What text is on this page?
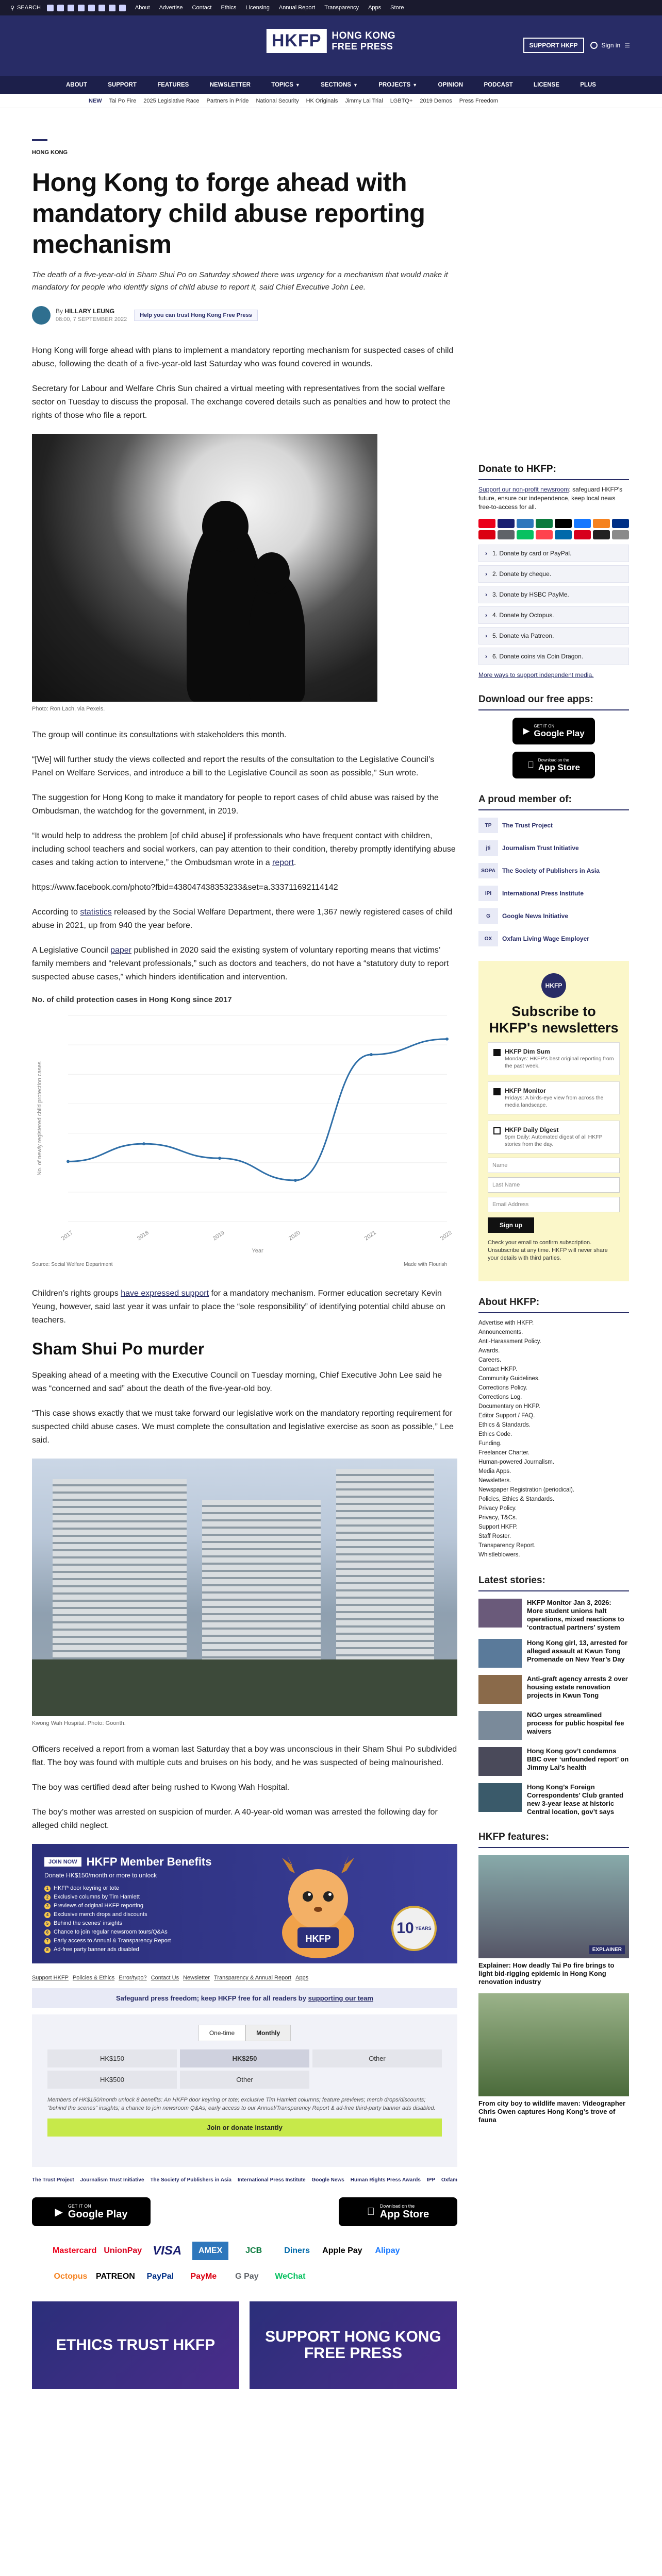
⚲ SEARCH	About Advertise Contact Ethics Licensing Annual Report Transparency Apps Store
HKFP	HONG KONG
FREE PRESS	SUPPORT HKFP	Sign in ☰
ABOUT	SUPPORT	FEATURES	NEWSLETTER	TOPICS ▼	SECTIONS ▼	PROJECTS ▼	OPINION	PODCAST	LICENSE	PLUS
NEW Tai Po Fire 2025 Legislative Race Partners in Pride National Security HK Originals Jimmy Lai Trial LGBTQ+ 2019 Demos Press Freedom
HONG KONG
Hong Kong to forge ahead with mandatory child abuse reporting mechanism
The death of a five-year-old in Sham Shui Po on Saturday showed there was urgency for a mechanism that would make it mandatory for people who identify signs of child abuse to report it, said Chief Executive John Lee.
By HILLARY LEUNG
08:00, 7 SEPTEMBER 2022
Help you can trust Hong Kong Free Press

Hong Kong will forge ahead with plans to implement a mandatory reporting mechanism for suspected cases of child abuse, following the death of a five-year-old last Saturday who was found covered in wounds.

Secretary for Labour and Welfare Chris Sun chaired a virtual meeting with representatives from the social welfare sector on Tuesday to discuss the proposal. The exchange covered details such as penalties and how to protect the rights of those who file a report.

Photo: Ron Lach, via Pexels.

The group will continue its consultations with stakeholders this month.

“[We] will further study the views collected and report the results of the consultation to the Legislative Council’s Panel on Welfare Services, and introduce a bill to the Legislative Council as soon as possible,” Sun wrote.

The suggestion for Hong Kong to make it mandatory for people to report cases of child abuse was raised by the Ombudsman, the watchdog for the government, in 2019.

“It would help to address the problem [of child abuse] if professionals who have frequent contact with children, including school teachers and social workers, can pay attention to their condition, thereby promptly identifying abuse cases and taking action to intervene,” the Ombudsman wrote in a report.

https://www.facebook.com/photo?fbid=438047438353233&set=a.333711692114142

According to statistics released by the Social Welfare Department, there were 1,367 newly registered cases of child abuse in 2021, up from 940 the year before.

A Legislative Council paper published in 2020 said the existing system of voluntary reporting means that victims’ family members and “relevant professionals,” such as doctors and teachers, do not have a “statutory duty to report suspected abuse cases,” which hinders identification and intervention.

No. of child protection cases in Hong Kong since 2017
No. of newly registered child protection cases
2017	2018	2019	2020	2021	2022
Year
Source: Social Welfare Department	Made with Flourish

Children’s rights groups have expressed support for a mandatory mechanism. Former education secretary Kevin Yeung, however, said last year it was unfair to place the “sole responsibility” of identifying potential child abuse on teachers.

Sham Shui Po murder

Speaking ahead of a meeting with the Executive Council on Tuesday morning, Chief Executive John Lee said he was “concerned and sad” about the death of the five-year-old boy.

“This case shows exactly that we must take forward our legislative work on the mandatory reporting requirement for suspected child abuse cases. We must complete the consultation and legislative exercise as soon as possible,” Lee said.

Kwong Wah Hospital. Photo: Goonth.

Officers received a report from a woman last Saturday that a boy was unconscious in their Sham Shui Po subdivided flat. The boy was found with multiple cuts and bruises on his body, and he was suspected of being malnourished.

The boy was certified dead after being rushed to Kwong Wah Hospital.

The boy’s mother was arrested on suspicion of murder. A 40-year-old woman was arrested the following day for alleged child neglect.

JOIN NOW HKFP Member Benefits
Donate HK$150/month or more to unlock
1 HKFP door keyring or tote
2 Exclusive columns by Tim Hamlett
3 Previews of original HKFP reporting
4 Exclusive merch drops and discounts
5 Behind the scenes' insights
6 Chance to join regular newsroom tours/Q&As
7 Early access to Annual & Transparency Report
8 Ad-free party banner ads disabled
HKFP
10 YEARS
Support HKFP Policies & Ethics Error/typo? Contact Us Newsletter Transparency & Annual Report Apps
Safeguard press freedom; keep HKFP free for all readers by supporting our team
One-time	Monthly
HK$150	HK$250	Other
HK$500	Other
Members of HK$150/month unlock 8 benefits: An HKFP door keyring or tote; exclusive Tim Hamlett columns; feature previews; merch drops/discounts; “behind the scenes” insights; a chance to join newsroom Q&As; early access to our Annual/Transparency Report & ad-free third-party banner ads disabled.
Join or donate instantly
The Trust Project Journalism Trust Initiative The Society of Publishers in Asia International Press Institute Google News Human Rights Press Awards IPP Oxfam
▶
GET IT ON
Google Play
Download on the
App Store
Mastercard UnionPay VISA	AMEX	JCB	Diners	Apple Pay	Alipay
Octopus PATREON	PayPal	PayMe	G Pay	WeChat
ETHICS TRUST HKFP	SUPPORT HONG KONG FREE PRESS
Donate to HKFP:
Support our non-profit newsroom: safeguard HKFP's future, ensure our independence, keep local news free-to-access for all.
› 1. Donate by card or PayPal.
› 2. Donate by cheque.
› 3. Donate by HSBC PayMe.
› 4. Donate by Octopus.
› 5. Donate via Patreon.
› 6. Donate coins via Coin Dragon.
More ways to support independent media.
Download our free apps:
▶ GET IT ON
Google Play
Download on the
App Store
A proud member of:
TP	The Trust Project
jti	Journalism Trust Initiative
SOPA	The Society of Publishers in Asia
IPI	International Press Institute
G	Google News Initiative
OX	Oxfam Living Wage Employer
HKFP
Subscribe to HKFP's newsletters
HKFP Dim Sum
Mondays: HKFP's best original reporting from the past week.
HKFP Monitor
Fridays: A birds-eye view from across the media landscape.
HKFP Daily Digest
9pm Daily: Automated digest of all HKFP stories from the day.
Name
Last Name
Email Address
Sign up
Check your email to confirm subscription. Unsubscribe at any time. HKFP will never share your details with third parties.
About HKFP:
Advertise with HKFP.
Announcements.
Anti-Harassment Policy.
Awards.
Careers.
Contact HKFP.
Community Guidelines.
Corrections Policy.
Corrections Log.
Documentary on HKFP.
Editor Support / FAQ.
Ethics & Standards.
Ethics Code.
Funding.
Freelancer Charter.
Human-powered Journalism.
Media Apps.
Newsletters.
Newspaper Registration (periodical).
Policies, Ethics & Standards.
Privacy Policy.
Privacy, T&Cs.
Support HKFP.
Staff Roster.
Transparency Report.
Whistleblowers.
Latest stories:
HKFP Monitor Jan 3, 2026: More student unions halt operations, mixed reactions to ‘contractual partners’ system
Hong Kong girl, 13, arrested for alleged assault at Kwun Tong Promenade on New Year’s Day
Anti-graft agency arrests 2 over housing estate renovation projects in Kwun Tong
NGO urges streamlined process for public hospital fee waivers
Hong Kong gov’t condemns BBC over ‘unfounded report’ on Jimmy Lai’s health
Hong Kong’s Foreign Correspondents’ Club granted new 3-year lease at historic Central location, gov’t says
HKFP features:
EXPLAINER
Explainer: How deadly Tai Po fire brings to light bid-rigging epidemic in Hong Kong renovation industry
From city boy to wildlife maven: Videographer Chris Owen captures Hong Kong’s trove of fauna
